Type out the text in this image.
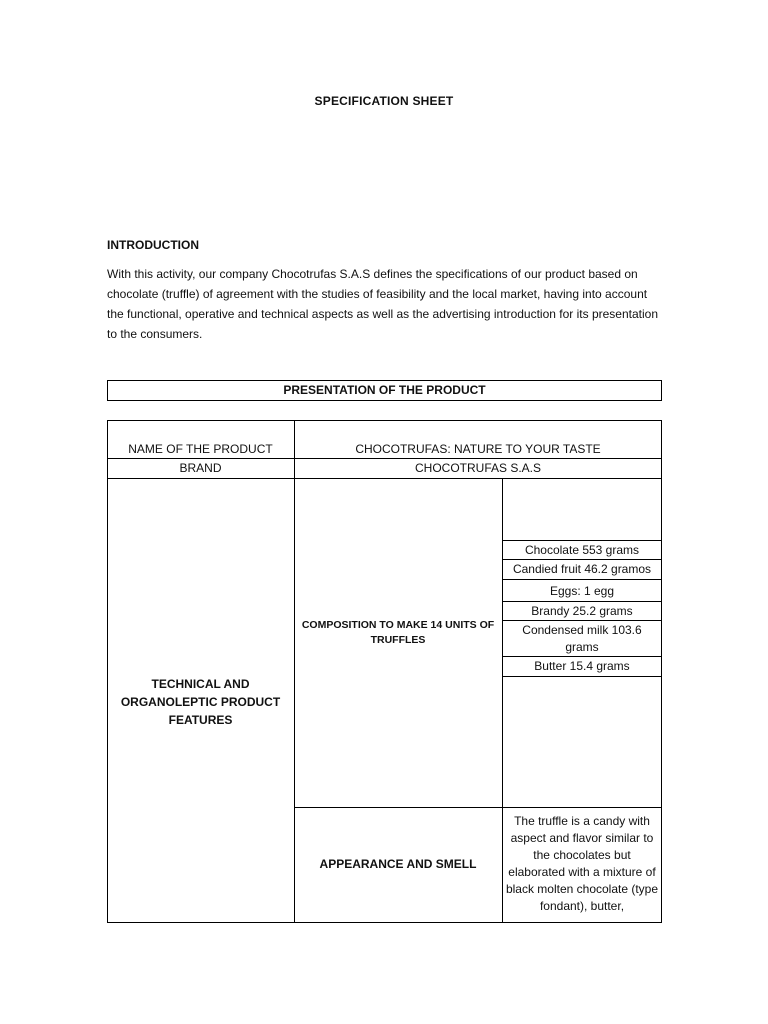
SPECIFICATION SHEET
INTRODUCTION
With this activity, our company Chocotrufas S.A.S defines the specifications of our product based on chocolate (truffle) of agreement with the studies of feasibility and the local market, having into account the functional, operative and technical aspects as well as the advertising introduction for its presentation to the consumers.
PRESENTATION OF THE PRODUCT
NAME OF THE PRODUCT	CHOCOTRUFAS: NATURE TO YOUR TASTE
BRAND	CHOCOTRUFAS S.A.S
TECHNICAL AND ORGANOLEPTIC PRODUCT FEATURES
COMPOSITION TO MAKE 14 UNITS OF TRUFFLES
Chocolate 553 grams
Candied fruit 46.2 gramos
Eggs: 1 egg
Brandy 25.2 grams
Condensed milk 103.6 grams
Butter 15.4 grams
APPEARANCE AND SMELL
The truffle is a candy with aspect and flavor similar to the chocolates but elaborated with a mixture of black molten chocolate (type fondant), butter,
